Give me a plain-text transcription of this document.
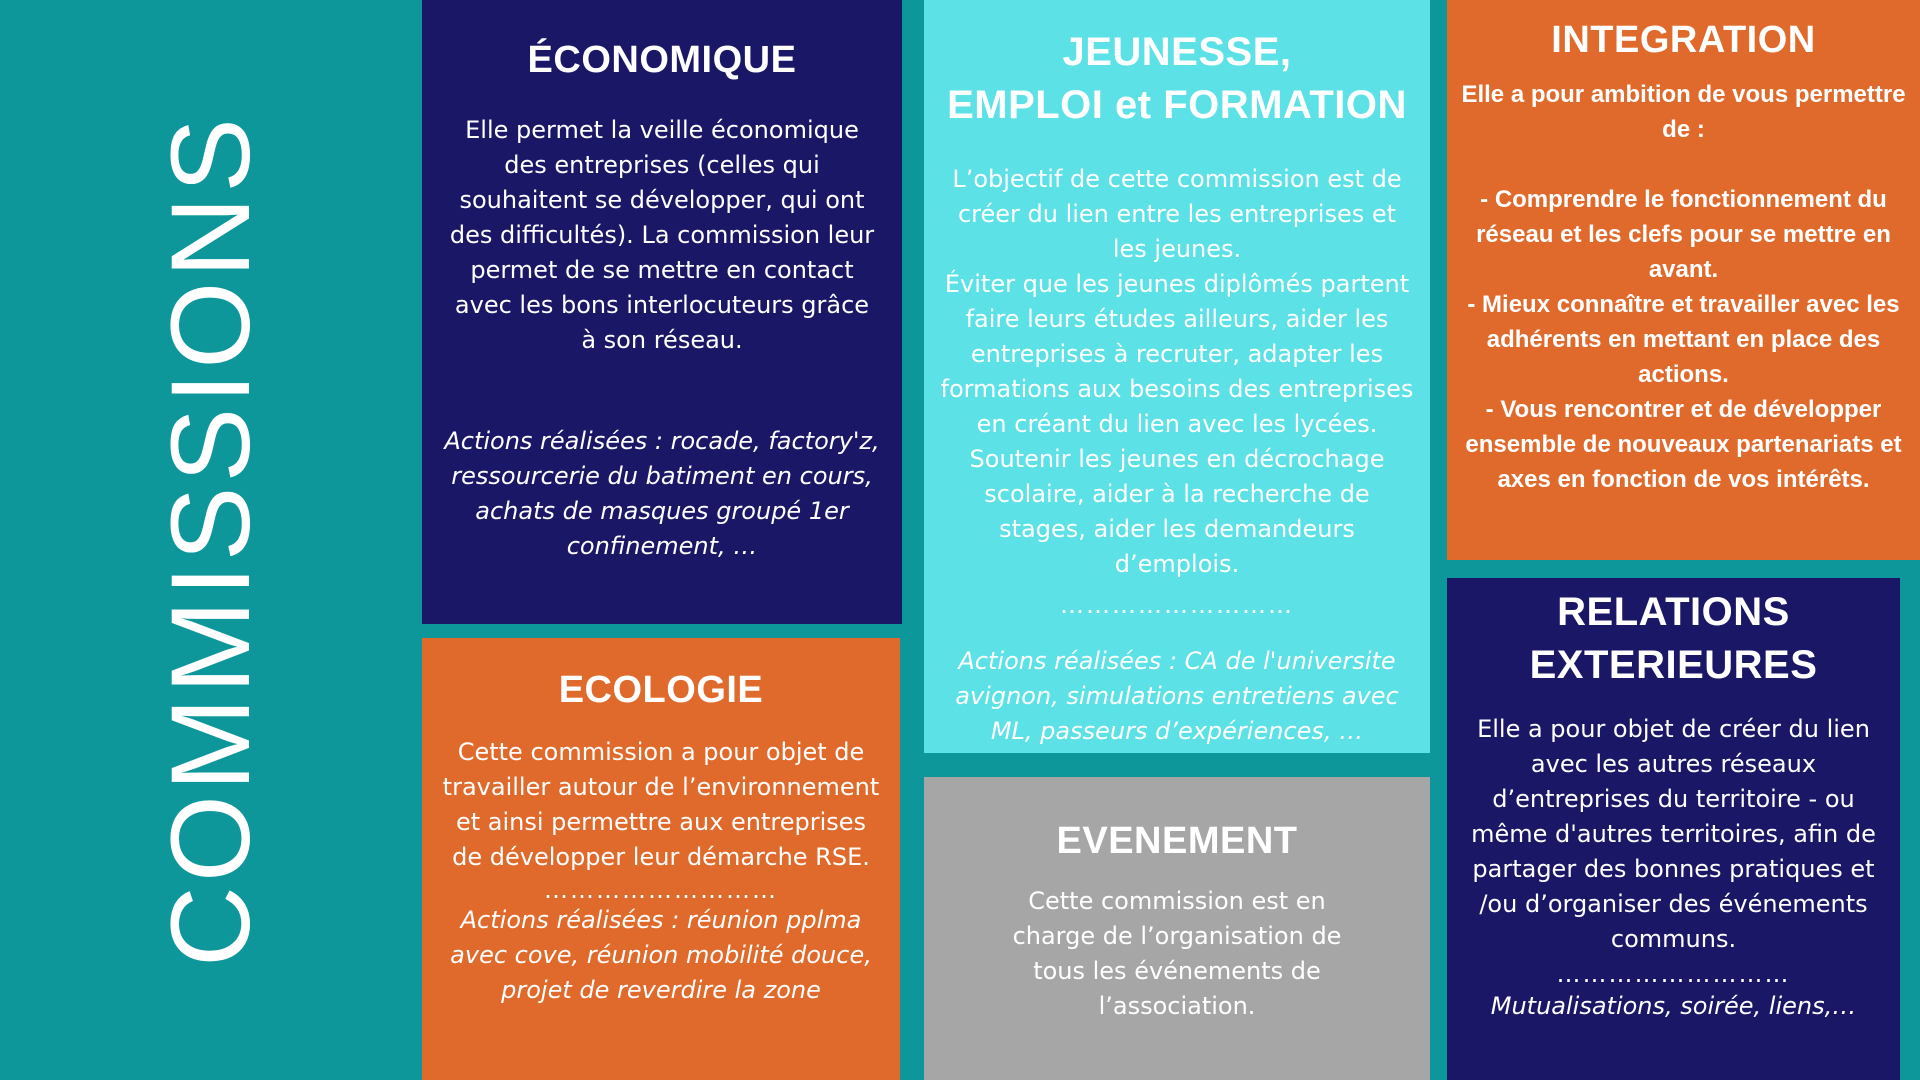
COMMISSIONS
ÉCONOMIQUE

Elle permet la veille économique des entreprises (celles qui souhaitent se développer, qui ont des difficultés). La commission leur permet de se mettre en contact avec les bons interlocuteurs grâce à son réseau.

Actions réalisées : rocade, factory'z, ressourcerie du batiment en cours, achats de masques groupé 1er confinement, …

ECOLOGIE

Cette commission a pour objet de travailler autour de l’environnement et ainsi permettre aux entreprises de développer leur démarche RSE.

………………………

Actions réalisées : réunion pplma avec cove, réunion mobilité douce, projet de reverdire la zone

JEUNESSE,
EMPLOI et FORMATION

L’objectif de cette commission est de créer du lien entre les entreprises et les jeunes.

Éviter que les jeunes diplômés partent faire leurs études ailleurs, aider les entreprises à recruter, adapter les formations aux besoins des entreprises en créant du lien avec les lycées.

Soutenir les jeunes en décrochage scolaire, aider à la recherche de stages, aider les demandeurs d’emplois.

………………………

Actions réalisées : CA de l'universite avignon, simulations entretiens avec ML, passeurs d’expériences, …

EVENEMENT

Cette commission est en charge de l’organisation de tous les événements de l’association.

INTEGRATION

Elle a pour ambition de vous permettre de :

- Comprendre le fonctionnement du réseau et les clefs pour se mettre en avant.

- Mieux connaître et travailler avec les adhérents en mettant en place des actions.

- Vous rencontrer et de développer ensemble de nouveaux partenariats et axes en fonction de vos intérêts.

RELATIONS
EXTERIEURES

Elle a pour objet de créer du lien avec les autres réseaux d’entreprises du territoire - ou même d'autres territoires, afin de partager des bonnes pratiques et /ou d’organiser des événements communs.

………………………

Mutualisations, soirée, liens,…
